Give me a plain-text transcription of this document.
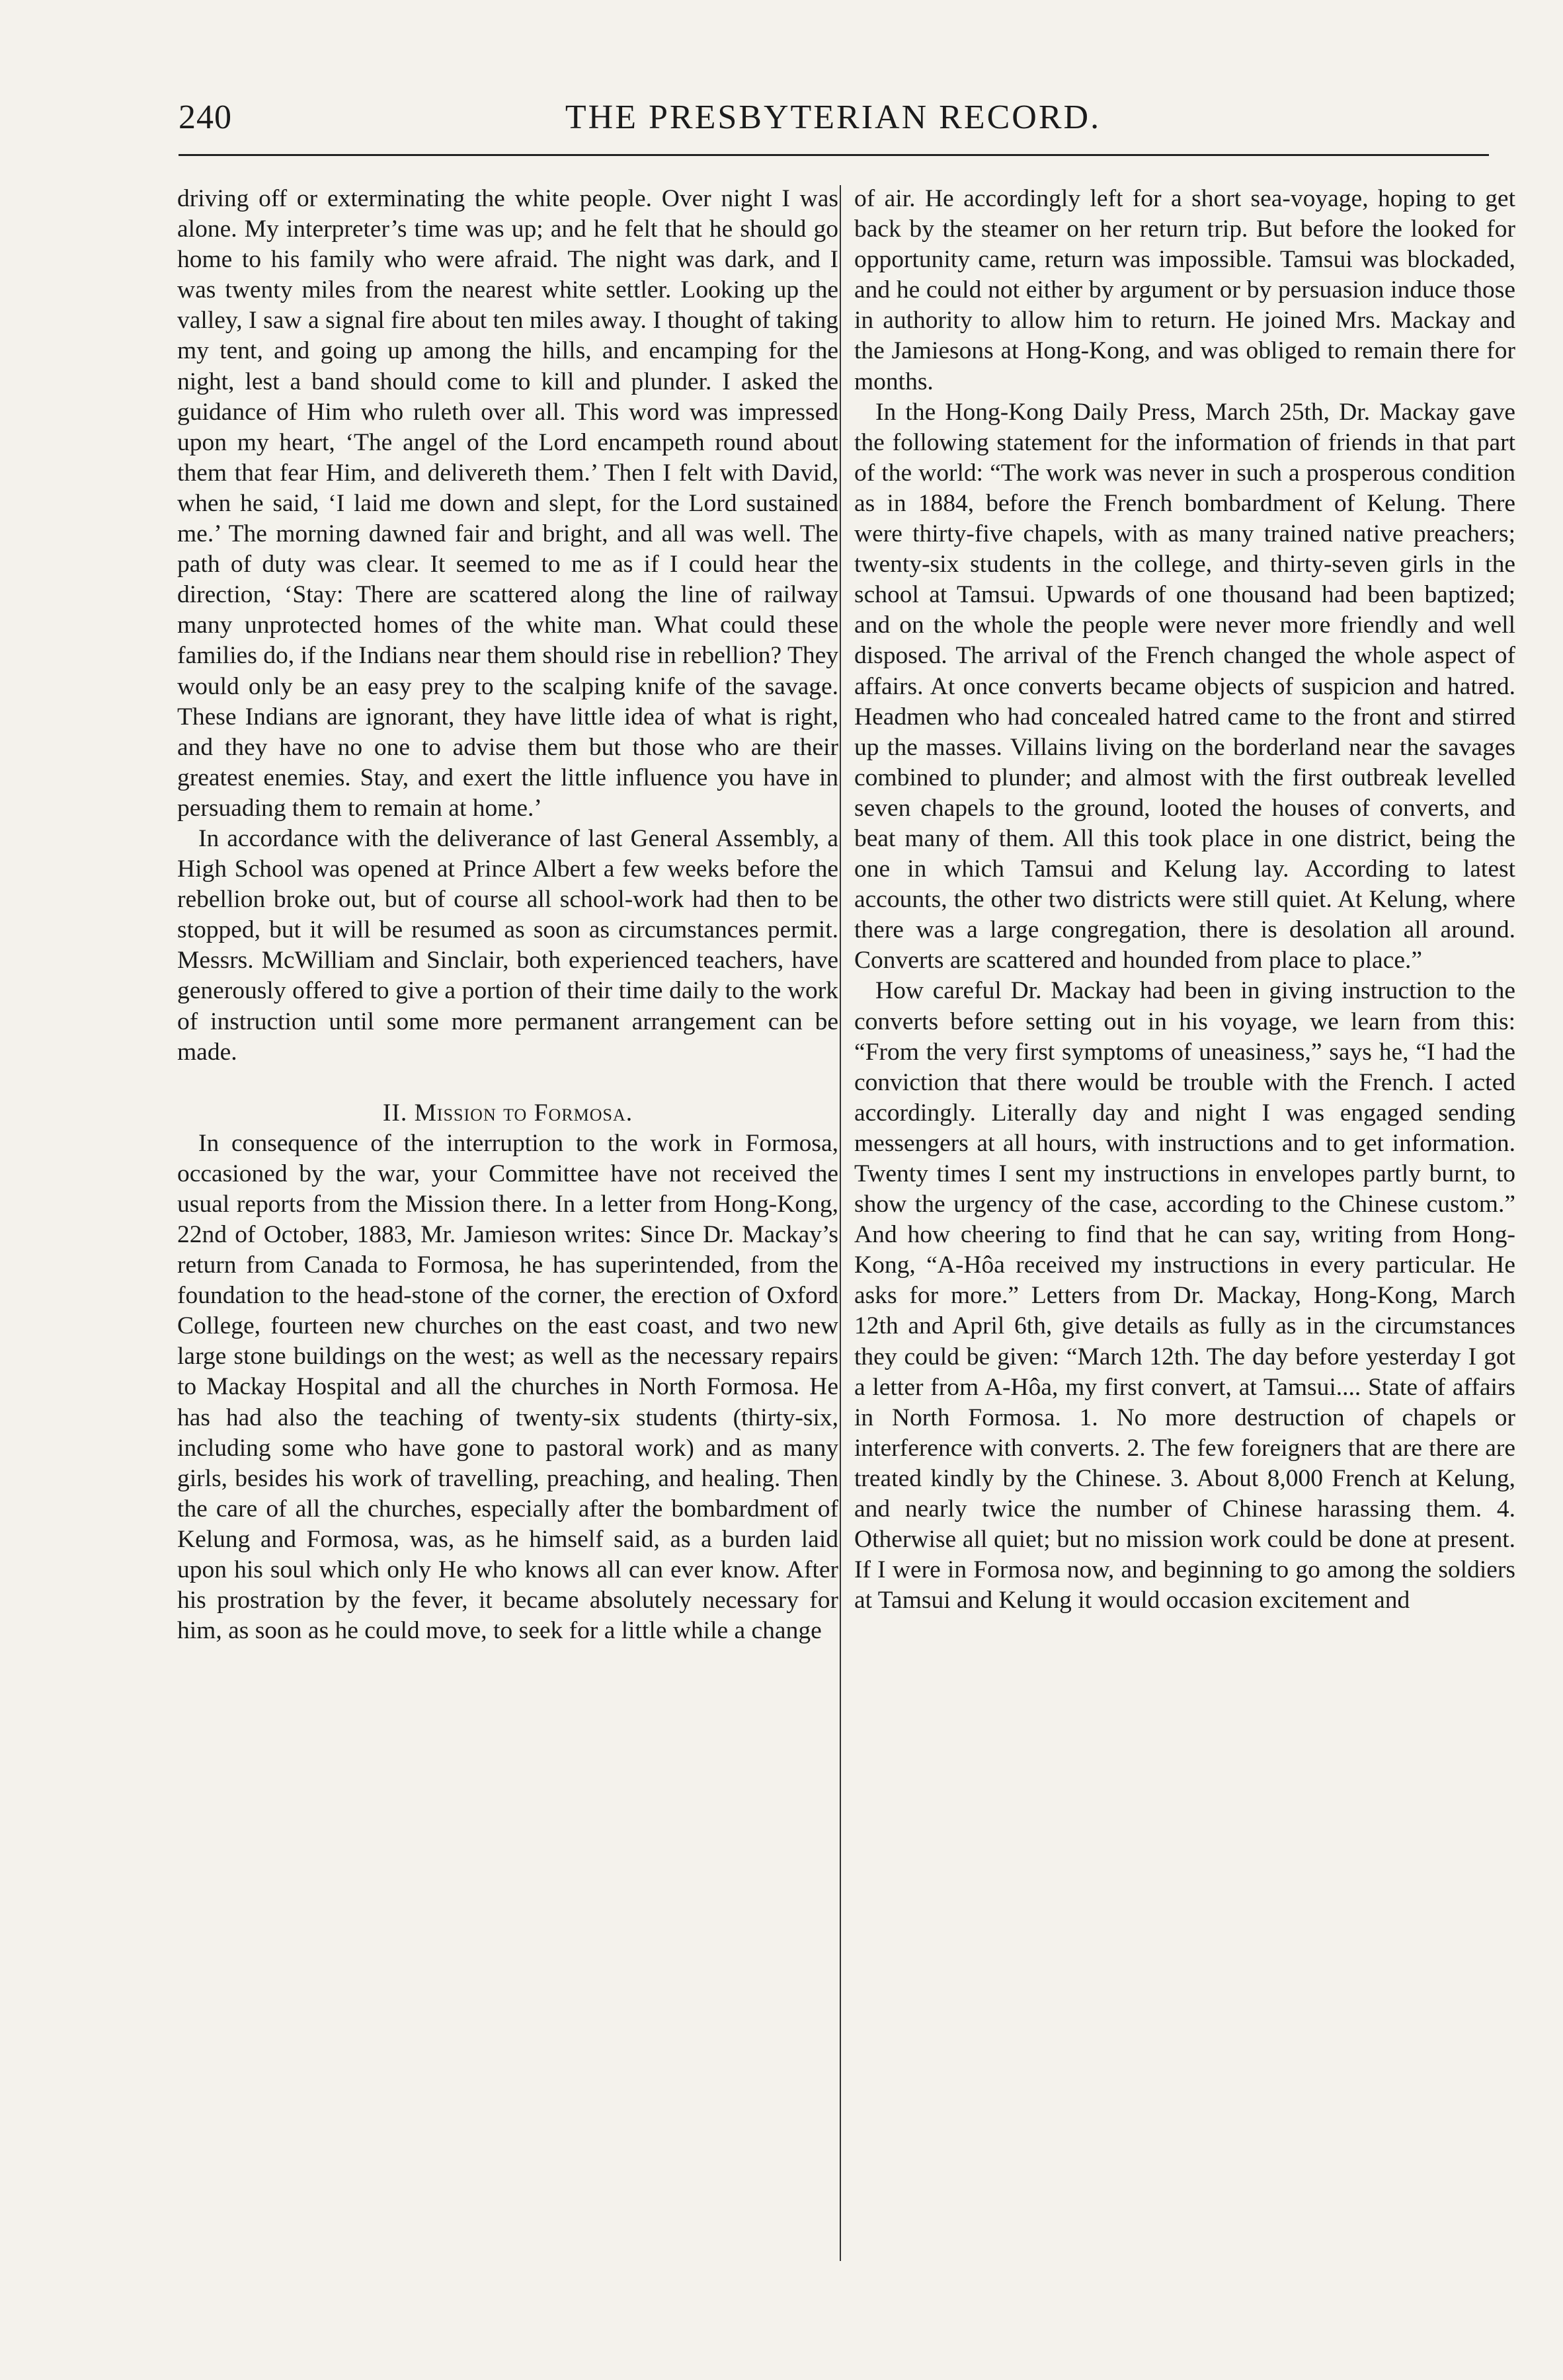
240	THE PRESBYTERIAN RECORD.

driving off or exterminating the white people. Over night I was alone. My interpreter’s time was up; and he felt that he should go home to his family who were afraid. The night was dark, and I was twenty miles from the nearest white settler. Looking up the valley, I saw a signal fire about ten miles away. I thought of taking my tent, and going up among the hills, and encamping for the night, lest a band should come to kill and plunder. I asked the guidance of Him who ruleth over all. This word was impressed upon my heart, ‘The angel of the Lord encampeth round about them that fear Him, and delivereth them.’ Then I felt with David, when he said, ‘I laid me down and slept, for the Lord sustained me.’ The morning dawned fair and bright, and all was well. The path of duty was clear. It seemed to me as if I could hear the direction, ‘Stay: There are scattered along the line of railway many unprotected homes of the white man. What could these families do, if the Indians near them should rise in rebellion? They would only be an easy prey to the scalping knife of the savage. These Indians are ignorant, they have little idea of what is right, and they have no one to advise them but those who are their greatest enemies. Stay, and exert the little influence you have in persuading them to remain at home.’

In accordance with the deliverance of last General Assembly, a High School was opened at Prince Albert a few weeks before the rebellion broke out, but of course all school-work had then to be stopped, but it will be resumed as soon as circumstances permit. Messrs. McWilliam and Sinclair, both experienced teachers, have generously offered to give a portion of their time daily to the work of instruction until some more permanent arrangement can be made.

II. Mission to Formosa.

In consequence of the interruption to the work in Formosa, occasioned by the war, your Committee have not received the usual reports from the Mission there. In a letter from Hong-Kong, 22nd of October, 1883, Mr. Jamieson writes: Since Dr. Mackay’s return from Canada to Formosa, he has superintended, from the foundation to the head-stone of the corner, the erection of Oxford College, fourteen new churches on the east coast, and two new large stone buildings on the west; as well as the necessary repairs to Mackay Hospital and all the churches in North Formosa. He has had also the teaching of twenty-six students (thirty-six, including some who have gone to pastoral work) and as many girls, besides his work of travelling, preaching, and healing. Then the care of all the churches, especially after the bombardment of Kelung and Formosa, was, as he himself said, as a burden laid upon his soul which only He who knows all can ever know. After his prostration by the fever, it became absolutely necessary for him, as soon as he could move, to seek for a little while a change

of air. He accordingly left for a short sea-voyage, hoping to get back by the steamer on her return trip. But before the looked for opportunity came, return was impossible. Tamsui was blockaded, and he could not either by argument or by persuasion induce those in authority to allow him to return. He joined Mrs. Mackay and the Jamiesons at Hong-Kong, and was obliged to remain there for months.

In the Hong-Kong Daily Press, March 25th, Dr. Mackay gave the following statement for the information of friends in that part of the world: “The work was never in such a prosperous condition as in 1884, before the French bombardment of Kelung. There were thirty-five chapels, with as many trained native preachers; twenty-six students in the college, and thirty-seven girls in the school at Tamsui. Upwards of one thousand had been baptized; and on the whole the people were never more friendly and well disposed. The arrival of the French changed the whole aspect of affairs. At once converts became objects of suspicion and hatred. Headmen who had concealed hatred came to the front and stirred up the masses. Villains living on the borderland near the savages combined to plunder; and almost with the first outbreak levelled seven chapels to the ground, looted the houses of converts, and beat many of them. All this took place in one district, being the one in which Tamsui and Kelung lay. According to latest accounts, the other two districts were still quiet. At Kelung, where there was a large congregation, there is desolation all around. Converts are scattered and hounded from place to place.”

How careful Dr. Mackay had been in giving instruction to the converts before setting out in his voyage, we learn from this: “From the very first symptoms of uneasiness,” says he, “I had the conviction that there would be trouble with the French. I acted accordingly. Literally day and night I was engaged sending messengers at all hours, with instructions and to get information. Twenty times I sent my instructions in envelopes partly burnt, to show the urgency of the case, according to the Chinese custom.” And how cheering to find that he can say, writing from Hong-Kong, “A-Hôa received my instructions in every particular. He asks for more.” Letters from Dr. Mackay, Hong-Kong, March 12th and April 6th, give details as fully as in the circumstances they could be given: “March 12th. The day before yesterday I got a letter from A-Hôa, my first convert, at Tamsui.... State of affairs in North Formosa. 1. No more destruction of chapels or interference with converts. 2. The few foreigners that are there are treated kindly by the Chinese. 3. About 8,000 French at Kelung, and nearly twice the number of Chinese harassing them. 4. Otherwise all quiet; but no mission work could be done at present. If I were in Formosa now, and beginning to go among the soldiers at Tamsui and Kelung it would occasion excitement and
